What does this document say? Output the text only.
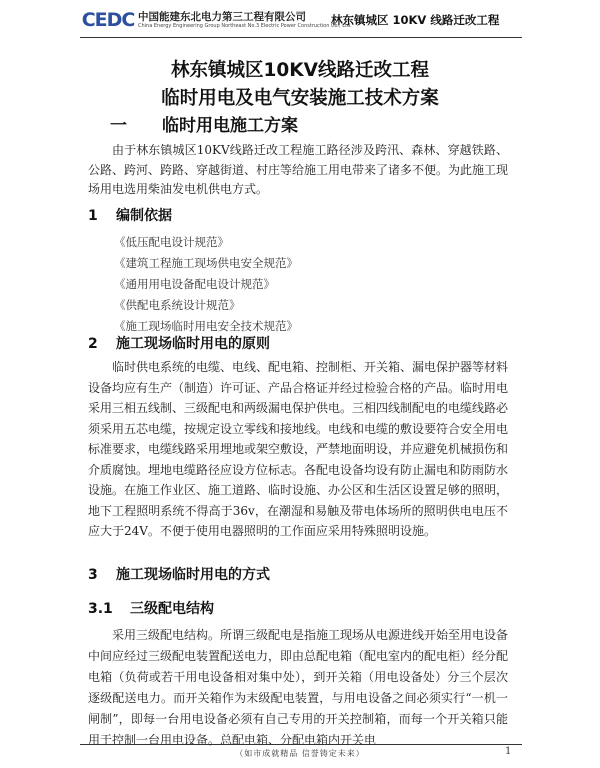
CEDC 中国能建东北电力第三工程有限公司
China Energy Engineering Group Northeast No.3 Electric Power Construction Co., Ltd.
林东镇城区 10KV 线路迁改工程
林东镇城区10KV线路迁改工程
临时用电及电气安装施工技术方案
一 临时用电施工方案

由于林东镇城区10KV线路迁改工程施工路径涉及跨汛、森林、穿越铁路、公路、跨河、跨路、穿越街道、村庄等给施工用电带来了诸多不便。为此施工现场用电选用柴油发电机供电方式。

1 编制依据
《低压配电设计规范》
《建筑工程施工现场供电安全规范》
《通用用电设备配电设计规范》
《供配电系统设计规范》
《施工现场临时用电安全技术规范》
2 施工现场临时用电的原则

临时供电系统的电缆、电线、配电箱、控制柜、开关箱、漏电保护器等材料设备均应有生产（制造）许可证、产品合格证并经过检验合格的产品。临时用电采用三相五线制、三级配电和两级漏电保护供电。三相四线制配电的电缆线路必须采用五芯电缆，按规定设立零线和接地线。电线和电缆的敷设要符合安全用电标准要求，电缆线路采用埋地或架空敷设，严禁地面明设，并应避免机械损伤和介质腐蚀。埋地电缆路径应设方位标志。各配电设备均设有防止漏电和防雨防水设施。在施工作业区、施工道路、临时设施、办公区和生活区设置足够的照明，地下工程照明系统不得高于36v，在潮湿和易触及带电体场所的照明供电电压不应大于24V。不便于使用电器照明的工作面应采用特殊照明设施。

3 施工现场临时用电的方式
3.1 三级配电结构

采用三级配电结构。所谓三级配电是指施工现场从电源进线开始至用电设备中间应经过三级配电装置配送电力，即由总配电箱（配电室内的配电柜）经分配电箱（负荷或若干用电设备相对集中处），到开关箱（用电设备处）分三个层次逐级配送电力。而开关箱作为末级配电装置，与用电设备之间必须实行“一机一闸制”，即每一台用电设备必须有自己专用的开关控制箱，而每一个开关箱只能用于控制一台用电设备。总配电箱、分配电箱内开关电

（如市成就精品 信誉铸定未来）	1
